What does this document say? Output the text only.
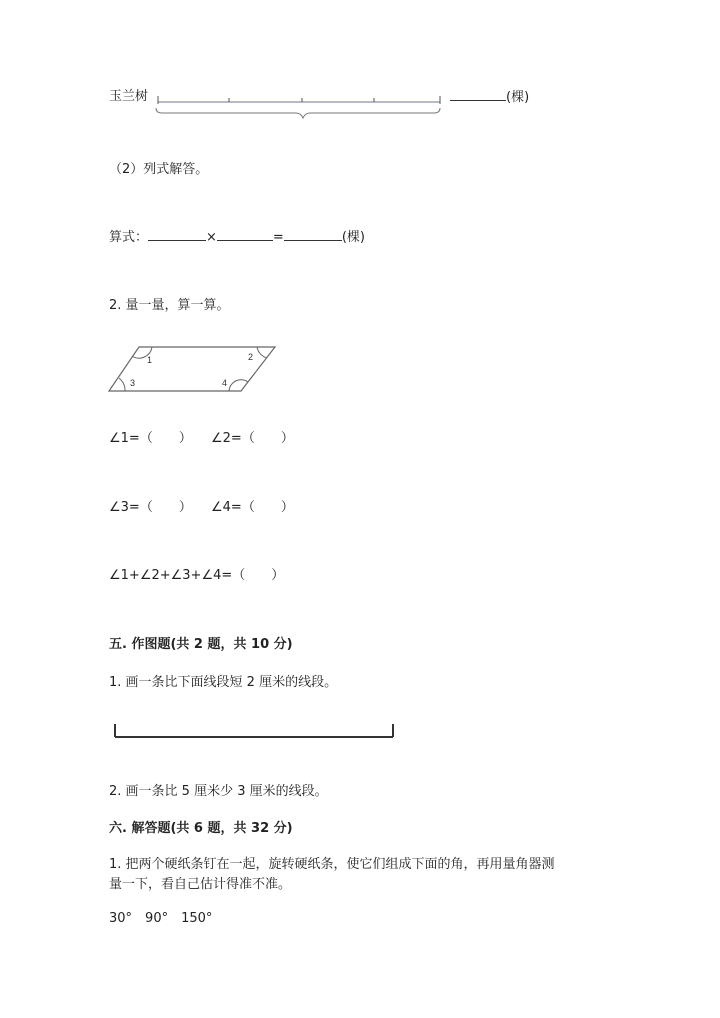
玉兰树	(棵)
（2）列式解答。
算式：	×	=	(棵)
2. 量一量，算一算。
1	2
3	4
∠1=（　　） ∠2=（　　）
∠3=（　　） ∠4=（　　）
∠1+∠2+∠3+∠4=（　　）
五. 作图题(共 2 题，共 10 分)
1. 画一条比下面线段短 2 厘米的线段。
2. 画一条比 5 厘米少 3 厘米的线段。
六. 解答题(共 6 题，共 32 分)
1. 把两个硬纸条钉在一起，旋转硬纸条，使它们组成下面的角，再用量角器测
量一下，看自己估计得准不准。
30°　90°　150°
